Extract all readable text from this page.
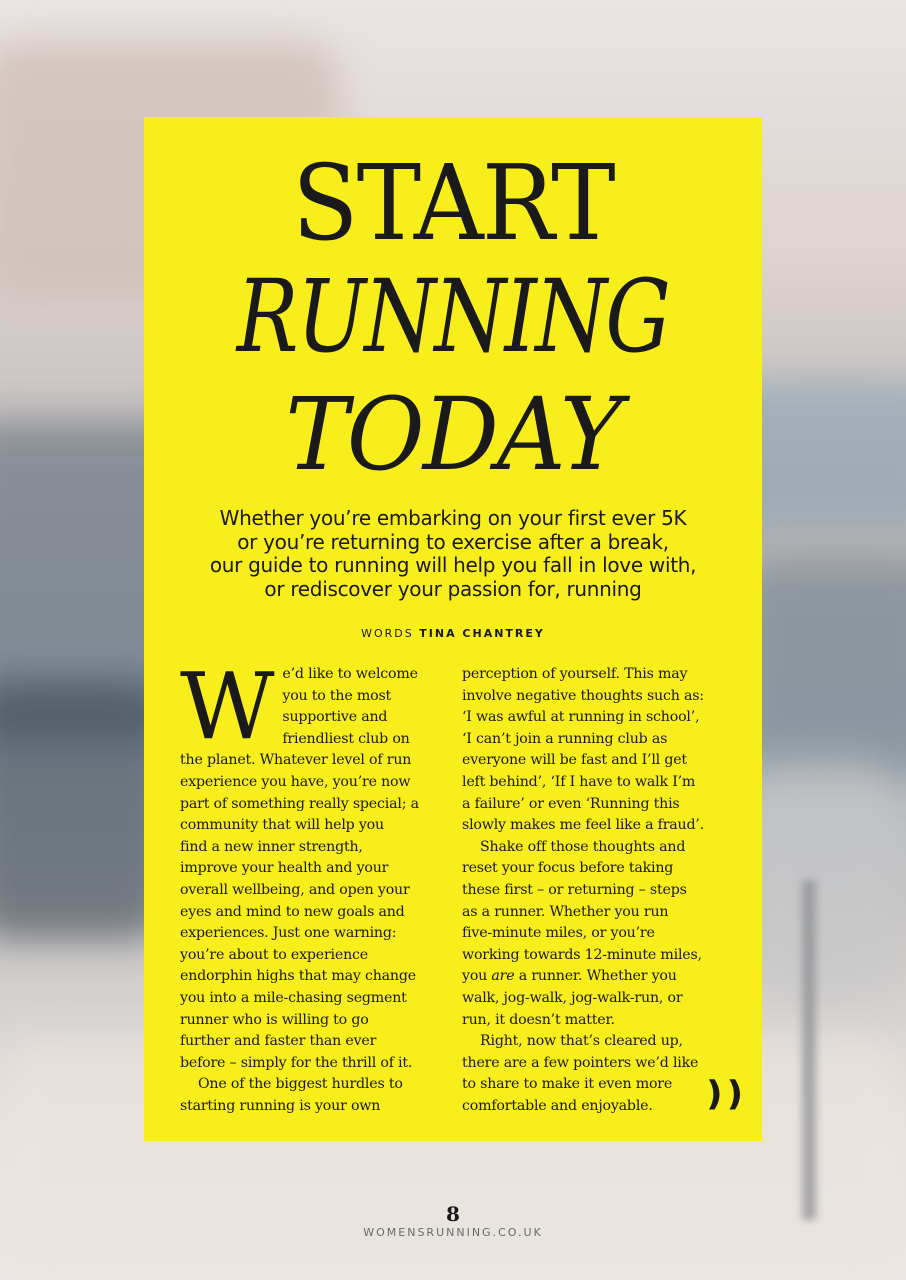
START
RUNNING
TODAY
Whether you’re embarking on your first ever 5K
or you’re returning to exercise after a break,
our guide to running will help you fall in love with,
or rediscover your passion for, running
WORDS TINA CHANTREY
W e’d like to welcome
you to the most
supportive and
friendliest club on
the planet. Whatever level of run
experience you have, you’re now
part of something really special; a
community that will help you
find a new inner strength,
improve your health and your
overall wellbeing, and open your
eyes and mind to new goals and
experiences. Just one warning:
you’re about to experience
endorphin highs that may change
you into a mile-chasing segment
runner who is willing to go
further and faster than ever
before – simply for the thrill of it.
One of the biggest hurdles to
starting running is your own
perception of yourself. This may
involve negative thoughts such as:
‘I was awful at running in school’,
‘I can’t join a running club as
everyone will be fast and I’ll get
left behind’, ‘If I have to walk I’m
a failure’ or even ‘Running this
slowly makes me feel like a fraud’.
Shake off those thoughts and
reset your focus before taking
these first – or returning – steps
as a runner. Whether you run
five-minute miles, or you’re
working towards 12-minute miles,
you are a runner. Whether you
walk, jog-walk, jog-walk-run, or
run, it doesn’t matter.
Right, now that’s cleared up,
there are a few pointers we’d like
to share to make it even more
comfortable and enjoyable.	❫❫
8
WOMENSRUNNING.CO.UK
